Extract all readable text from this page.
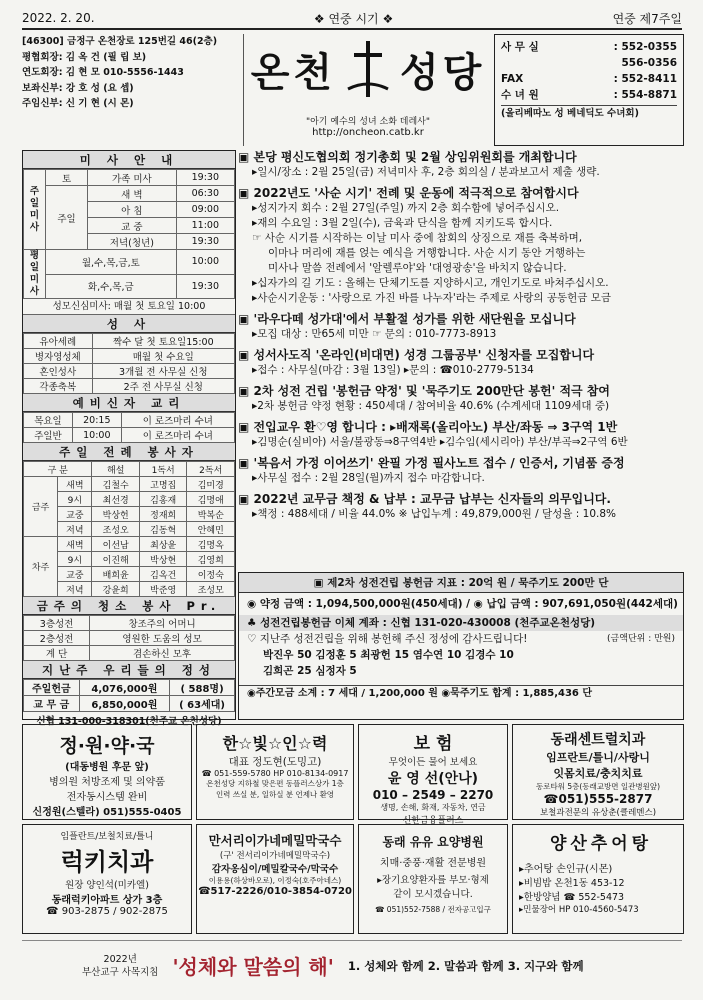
2022. 2. 20.	❖ 연중 시기 ❖	연중 제7주일
[46300] 금정구 온천장로 125번길 46(2층)
평협회장: 김 옥 건 (필 립 보)
연도회장: 김 현 모 010-5556-1443
보좌신부: 강 호 성 (요 셉)
주임신부: 신 기 현 (시 몬)
온천 성당
"아기 예수의 성녀 소화 데레사"
http://oncheon.catb.kr
사 무 실	: 552-0355
556-0356
FAX	: 552-8411
수 녀 원	: 554-8871
(올리베따노 성 베네딕도 수녀회)
미 사 안 내
주일미사	토	가족 미사	19:30
	주일	새 벽	06:30
		아 침	09:00
		교 중	11:00
		저녁(청년)	19:30
평일미사	월,수,목,금,토		10:00
	화,수,목,금		19:30
성모신심미사: 매월 첫 토요일 10:00
성 사
유아세례	짝수 달 첫 토요일15:00
병자영성체	매월 첫 수요일
혼인성사	3개월 전 사무실 신청
각종축복	2주 전 사무실 신청
예비신자 교리
목요일	20:15	이 로즈마리 수녀
주일반	10:00	이 로즈마리 수녀
주일 전례 봉사자
구 분		해설	1독서	2독서
금주	새벽	김철수	고명집	김미경
	9시	최선경	김홍재	김명애
	교중	박상헌	정재희	박복순
	저녁	조성오	김동혁	안혜민
차주	새벽	이선남	최상윤	김명옥
	9시	이진해	박상현	김영희
	교중	배희윤	김옥건	이정숙
	저녁	강윤희	박준영	조성모
금주의 청소 봉사 Pr.
3층성전	창조주의 어머니
2층성전	영원한 도움의 성모
계 단	겸손하신 모후
지난주 우리들의 정성
주일헌금	4,076,000원	( 588명)
교 무 금	6,850,000원	( 63세대)
신협 131-000-318301(천주교 온천성당)
▣ 본당 평신도협의회 정기총회 및 2월 상임위원회를 개최합니다
▸일시/장소 : 2월 25일(금) 저녁미사 후, 2층 회의실 / 분과보고서 제출 생략.
▣ 2022년도 '사순 시기' 전례 및 운동에 적극적으로 참여합시다
▸성지가지 회수 : 2월 27일(주일) 까지 2층 회수함에 넣어주십시오.
▸재의 수요일 : 3월 2일(수), 금육과 단식을 함께 지키도록 합시다.
☞ 사순 시기를 시작하는 이날 미사 중에 참회의 상징으로 재를 축복하며,
이마나 머리에 재를 얹는 예식을 거행합니다. 사순 시기 동안 거행하는
미사나 말씀 전례에서 '알렐루야'와 '대영광송'을 바치지 않습니다.
▸십자가의 길 기도 : 올해는 단체기도를 지양하시고, 개인기도로 바쳐주십시오.
▸사순시기운동 : '사랑으로 가진 바를 나누자'라는 주제로 사랑의 공동헌금 모금
▣ '라우다떼 성가대'에서 부활절 성가를 위한 새단원을 모십니다
▸모집 대상 : 만65세 미만 ☞ 문의 : 010-7773-8913
▣ 성서사도직 '온라인(비대면) 성경 그룹공부' 신청자를 모집합니다
▸접수 : 사무실(마감 : 3월 13일) ▸문의 : ☎010-2779-5134
▣ 2차 성전 건립 '봉헌금 약정' 및 '묵주기도 200만단 봉헌' 적극 참여
▸2차 봉헌금 약정 현황 : 450세대 / 참여비율 40.6% (수계세대 1109세대 중)
▣ 전입교우 환♡영 합니다 : ▸배재록(올리아노) 부산/좌동 ⇒ 3구역 1반
▸김명순(실비아) 서울/불광동⇒8구역4반 ▸김수임(세시리아) 부산/부곡⇒2구역 6반
▣ '복음서 가정 이어쓰기' 완필 가정 필사노트 접수 / 인증서, 기념품 증정
▸사무실 접수 : 2월 28일(월)까지 접수 마감합니다.
▣ 2022년 교무금 책정 & 납부 : 교무금 납부는 신자들의 의무입니다.
▸책정 : 488세대 / 비율 44.0% ※ 납입누계 : 49,879,000원 / 달성율 : 10.8%
▣ 제2차 성전건립 봉헌금 지표 : 20억 원 / 묵주기도 200만 단
◉ 약정 금액 : 1,094,500,000원(450세대) / ◉ 납입 금액 : 907,691,050원(442세대)
♣ 성전건립봉헌금 이체 계좌 : 신협 131-020-430008 (천주교온천성당)
♡ 지난주 성전건립을 위해 봉헌해 주신 정성에 감사드립니다!	(금액단위 : 만원)
박진우 50 김정훈 5 최광헌 15 염수연 10 김경수 10
김희곤 25 심정자 5
◉주간모금 소계 : 7 세대 / 1,200,000 원 ◉묵주기도 합계 : 1,885,436 단
정·원·약·국
(대동병원 후문 앞)
병의원 처방조제 및 의약품
전자동시스템 완비
신정원(스텔라) 051)555-0405
한☆빛☆인☆력
대표 정도현(도밍고)
☎ 051-559-5780 HP 010-8134-0917
온천성당 지하철 맞은편 동플러스상가 1층
인력 쓰실 분, 일하실 분 언제나 환영
보 험
무엇이든 물어 보세요
윤 영 선(안나)
010 – 2549 – 2270
생명, 손해, 화재, 자동차, 연금
신한금융플러스
동래센트럴치과
임프란트/틀니/사랑니
잇몸치료/충치치료
동로타워 5층(동래교방면 일관병원앞)
☎051)555-2877
보철과전문의 유상춘(클레멘스)
임플란트/보철치료/틀니
럭키치과
원장 양인석(미카엘)
동래럭키아파트 상가 3층
☎ 903-2875 / 902-2875
만서리이가네메밀막국수
(구' 전서리이가네메밀막국수)
감자옹심이/메밀칼국수/막국수
이용용(하상바오로), 이정숙(호주아네스)
☎517-2226/010-3854-0720
동래 유유 요양병원
치매·중풍·재활 전문병원
▸장기요양환자를 부모·형제
같이 모시겠습니다.
☎ 051)552-7588 / 전자공고입구
양산추어탕
▸추어탕 손인규(시몬)
▸비빔밥 온천1동 453-12
▸한방양념 ☎ 552-5473
▸민물장어 HP 010-4560-5473
2022년
부산교구 사목지침 '성체와 말씀의 해' 1. 성체와 함께 2. 말씀과 함께 3. 지구와 함께
